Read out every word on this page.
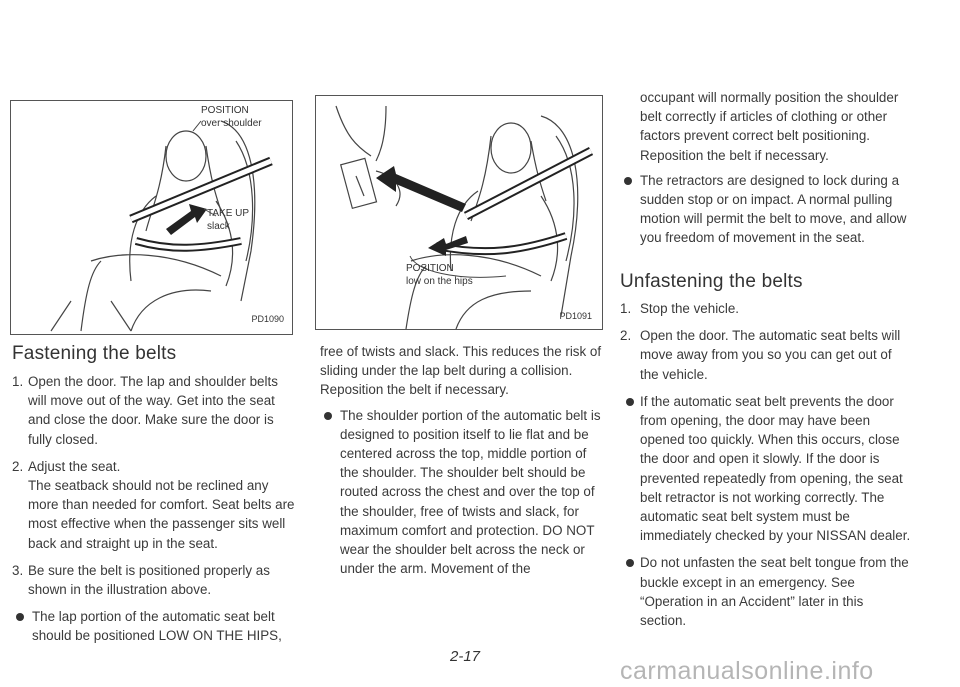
POSITION
over shoulder
TAKE UP
slack
PD1090
POSITION
low on the hips
PD1091
Fastening the belts
1. Open the door. The lap and shoulder belts will move out of the way. Get into the seat and close the door. Make sure the door is fully closed.
2. Adjust the seat.
The seatback should not be reclined any more than needed for comfort. Seat belts are most effective when the passenger sits well back and straight up in the seat.
3. Be sure the belt is positioned properly as shown in the illustration above.
The lap portion of the automatic seat belt should be positioned LOW ON THE HIPS,

free of twists and slack. This reduces the risk of sliding under the lap belt during a collision. Reposition the belt if necessary.

The shoulder portion of the automatic belt is designed to position itself to lie flat and be centered across the top, middle portion of the shoulder. The shoulder belt should be routed across the chest and over the top of the shoulder, free of twists and slack, for maximum comfort and protection. DO NOT wear the shoulder belt across the neck or under the arm. Movement of the

occupant will normally position the shoulder belt correctly if articles of clothing or other factors prevent correct belt positioning. Reposition the belt if necessary.

The retractors are designed to lock during a sudden stop or on impact. A normal pulling motion will permit the belt to move, and allow you freedom of movement in the seat.
Unfastening the belts
1. Stop the vehicle.
2. Open the door. The automatic seat belts will move away from you so you can get out of the vehicle.
If the automatic seat belt prevents the door from opening, the door may have been opened too quickly. When this occurs, close the door and open it slowly. If the door is prevented repeatedly from opening, the seat belt retractor is not working correctly. The automatic seat belt system must be immediately checked by your NISSAN dealer.
Do not unfasten the seat belt tongue from the buckle except in an emergency. See “Operation in an Accident” later in this section.
2-17
carmanualsonline.info
